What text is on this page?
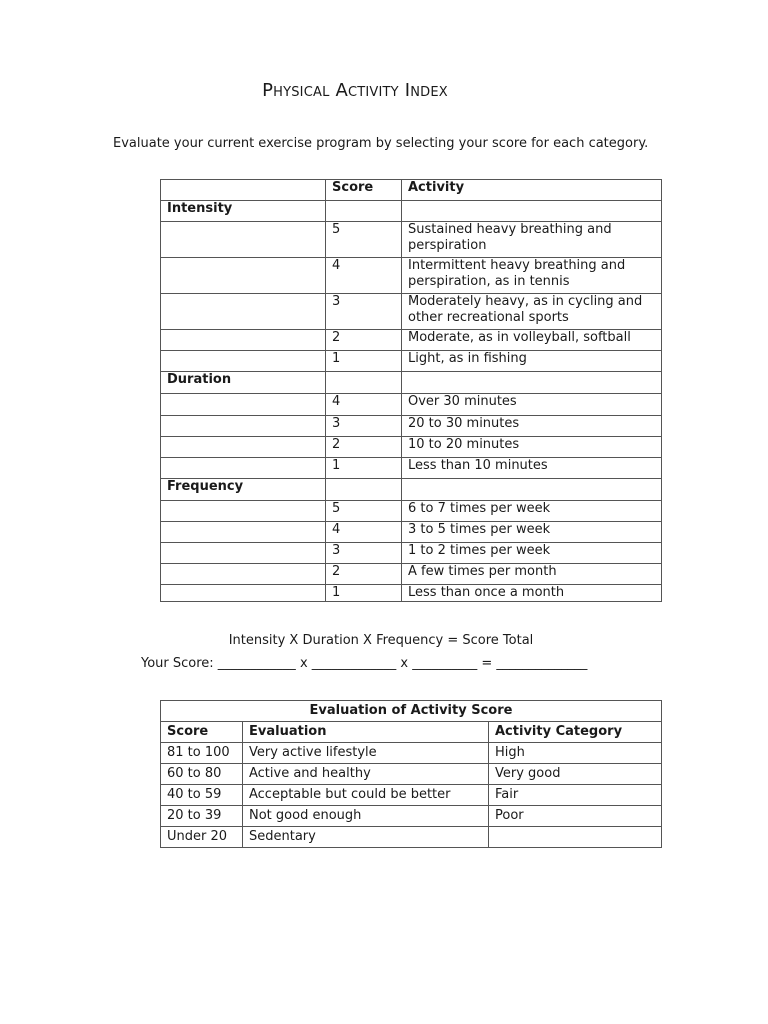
Physical Activity Index
Evaluate your current exercise program by selecting your score for each category.
	Score	Activity
Intensity		
	5	Sustained heavy breathing and perspiration
	4	Intermittent heavy breathing and perspiration, as in tennis
	3	Moderately heavy, as in cycling and other recreational sports
	2	Moderate, as in volleyball, softball
	1	Light, as in fishing
Duration		
	4	Over 30 minutes
	3	20 to 30 minutes
	2	10 to 20 minutes
	1	Less than 10 minutes
Frequency		
	5	6 to 7 times per week
	4	3 to 5 times per week
	3	1 to 2 times per week
	2	A few times per month
	1	Less than once a month
Intensity X Duration X Frequency = Score Total
Your Score: ____________ x _____________ x __________ = ______________
Evaluation of Activity Score		
Score	Evaluation	Activity Category
81 to 100	Very active lifestyle	High
60 to 80	Active and healthy	Very good
40 to 59	Acceptable but could be better	Fair
20 to 39	Not good enough	Poor
Under 20	Sedentary	
